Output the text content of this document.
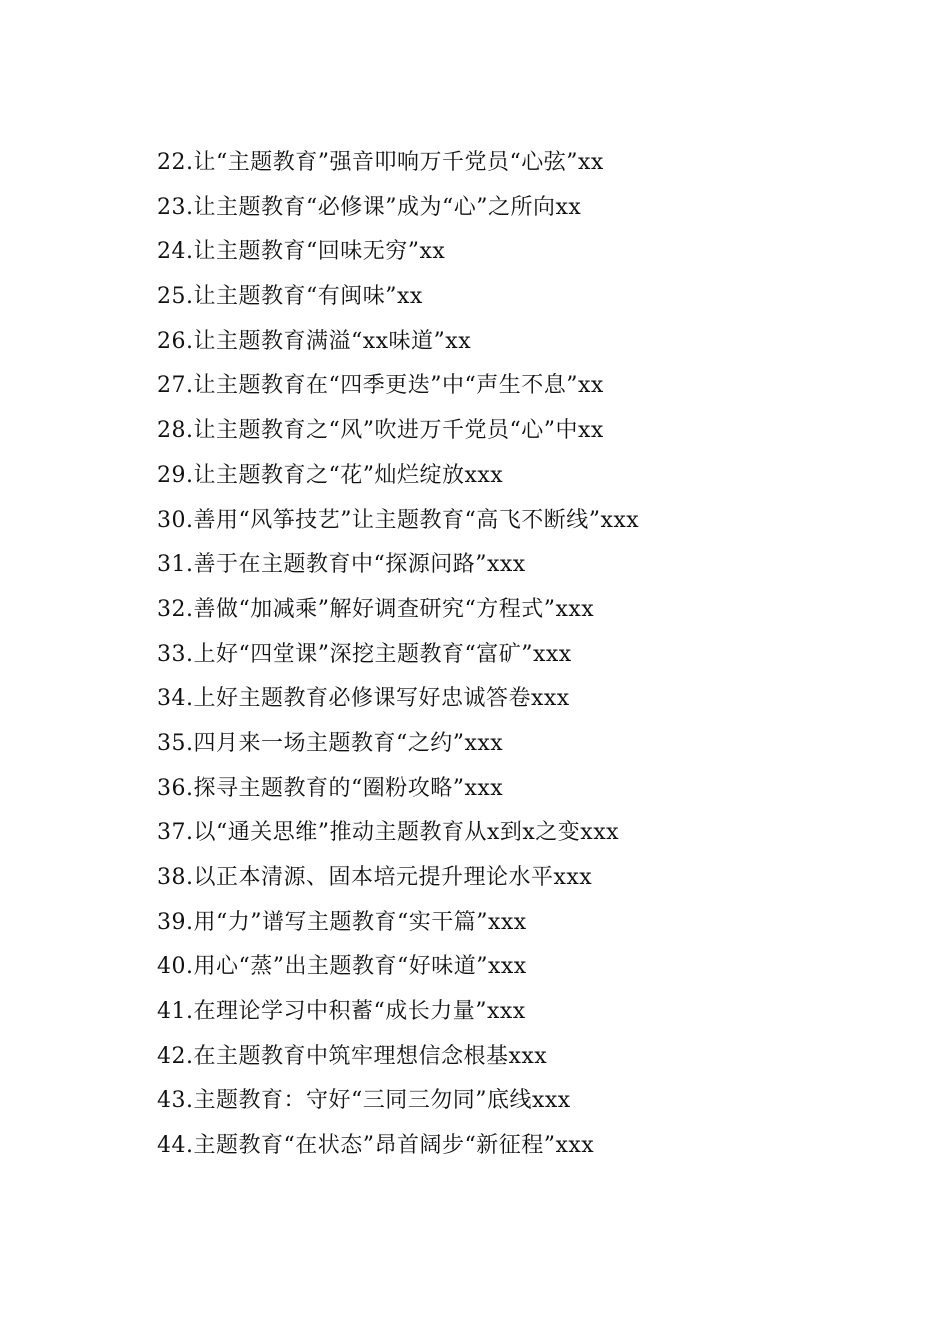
22.让“主题教育”强音叩响万千党员“心弦”xx
23.让主题教育“必修课”成为“心”之所向xx
24.让主题教育“回味无穷”xx
25.让主题教育“有闽味”xx
26.让主题教育满溢“xx味道”xx
27.让主题教育在“四季更迭”中“声生不息”xx
28.让主题教育之“风”吹进万千党员“心”中xx
29.让主题教育之“花”灿烂绽放xxx
30.善用“风筝技艺”让主题教育“高飞不断线”xxx
31.善于在主题教育中“探源问路”xxx
32.善做“加减乘”解好调查研究“方程式”xxx
33.上好“四堂课”深挖主题教育“富矿”xxx
34.上好主题教育必修课写好忠诚答卷xxx
35.四月来一场主题教育“之约”xxx
36.探寻主题教育的“圈粉攻略”xxx
37.以“通关思维”推动主题教育从x到x之变xxx
38.以正本清源、固本培元提升理论水平xxx
39.用“力”谱写主题教育“实干篇”xxx
40.用心“蒸”出主题教育“好味道”xxx
41.在理论学习中积蓄“成长力量”xxx
42.在主题教育中筑牢理想信念根基xxx
43.主题教育：守好“三同三勿同”底线xxx
44.主题教育“在状态”昂首阔步“新征程”xxx
